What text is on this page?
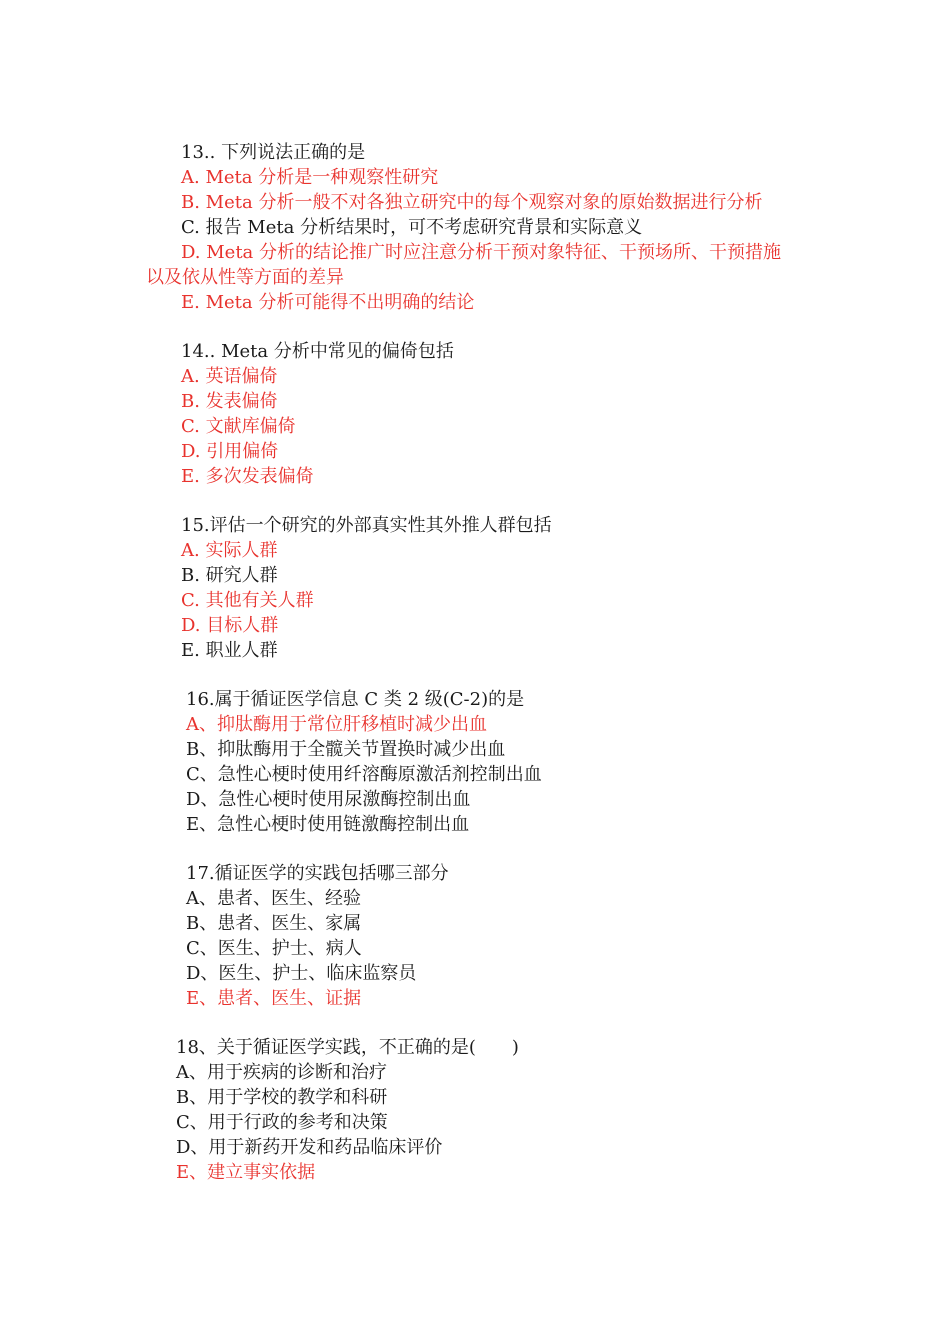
13.. 下列说法正确的是
A. Meta 分析是一种观察性研究
B. Meta 分析一般不对各独立研究中的每个观察对象的原始数据进行分析
C. 报告 Meta 分析结果时，可不考虑研究背景和实际意义
D. Meta 分析的结论推广时应注意分析干预对象特征、干预场所、干预措施
以及依从性等方面的差异
E. Meta 分析可能得不出明确的结论
14.. Meta 分析中常见的偏倚包括
A. 英语偏倚
B. 发表偏倚
C. 文献库偏倚
D. 引用偏倚
E. 多次发表偏倚
15.评估一个研究的外部真实性其外推人群包括
A. 实际人群
B. 研究人群
C. 其他有关人群
D. 目标人群
E. 职业人群
16.属于循证医学信息 C 类 2 级(C-2)的是
A、抑肽酶用于常位肝移植时减少出血
B、抑肽酶用于全髋关节置换时减少出血
C、急性心梗时使用纤溶酶原激活剂控制出血
D、急性心梗时使用尿激酶控制出血
E、急性心梗时使用链激酶控制出血
17.循证医学的实践包括哪三部分
A、患者、医生、经验
B、患者、医生、家属
C、医生、护士、病人
D、医生、护士、临床监察员
E、患者、医生、证据
18、关于循证医学实践，不正确的是(　　)
A、用于疾病的诊断和治疗
B、用于学校的教学和科研
C、用于行政的参考和决策
D、用于新药开发和药品临床评价
E、建立事实依据
